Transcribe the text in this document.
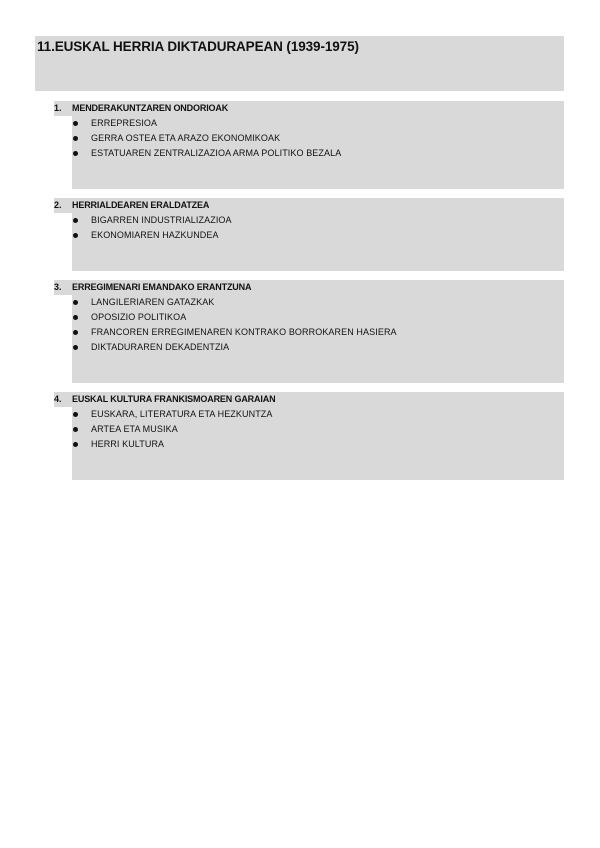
11.EUSKAL HERRIA DIKTADURAPEAN (1939-1975)
1. MENDERAKUNTZAREN ONDORIOAK
ERREPRESIOA
GERRA OSTEA ETA ARAZO EKONOMIKOAK
ESTATUAREN ZENTRALIZAZIOA ARMA POLITIKO BEZALA
2. HERRIALDEAREN ERALDATZEA
BIGARREN INDUSTRIALIZAZIOA
EKONOMIAREN HAZKUNDEA
3. ERREGIMENARI EMANDAKO ERANTZUNA
LANGILERIAREN GATAZKAK
OPOSIZIO POLITIKOA
FRANCOREN ERREGIMENAREN KONTRAKO BORROKAREN HASIERA
DIKTADURAREN DEKADENTZIA
4. EUSKAL KULTURA FRANKISMOAREN GARAIAN
EUSKARA, LITERATURA ETA HEZKUNTZA
ARTEA ETA MUSIKA
HERRI KULTURA
